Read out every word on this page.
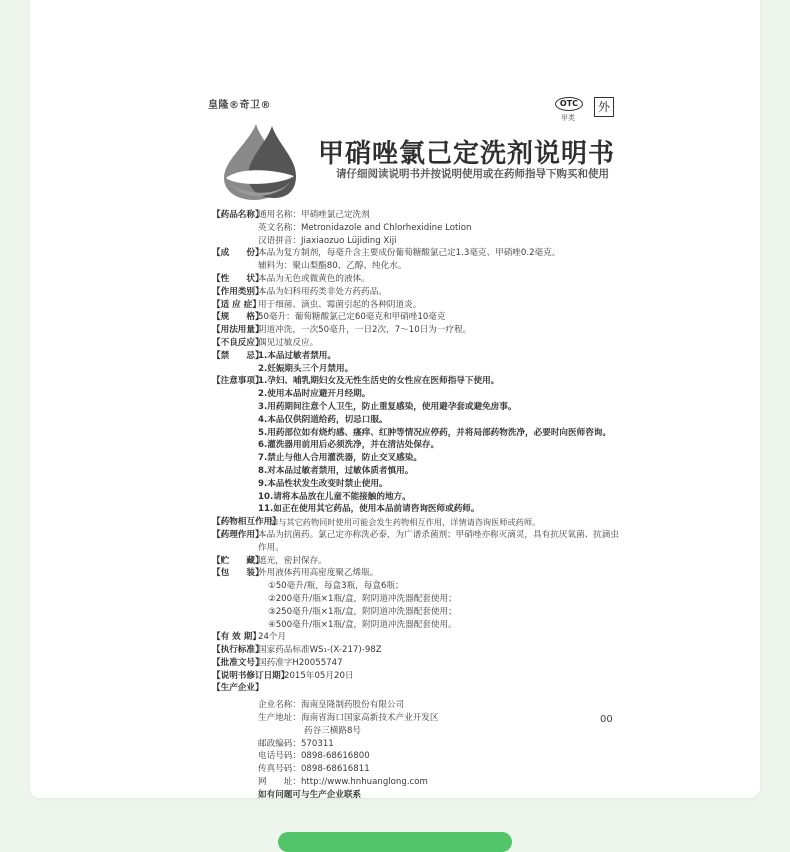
皇隆®奇卫®	OTC
甲类
外
甲硝唑氯己定洗剂说明书
请仔细阅读说明书并按说明使用或在药师指导下购买和使用
【药品名称】
通用名称：甲硝唑氯己定洗剂
英文名称：Metronidazole and Chlorhexidine Lotion
汉语拼音：Jiaxiaozuo Lüjiding Xiji
【成　　份】
本品为复方制剂，每毫升含主要成份葡萄糖酸氯己定1.3毫克、甲硝唑0.2毫克。
辅料为：聚山梨酯80、乙醇、纯化水。
【性　　状】
本品为无色或微黄色的液体。
【作用类别】
本品为妇科用药类非处方药药品。
【适 应 症】
用于细菌、滴虫、霉菌引起的各种阴道炎。
【规　　格】
50毫升：葡萄糖酸氯己定60毫克和甲硝唑10毫克
【用法用量】
阴道冲洗，一次50毫升，一日2次，7～10日为一疗程。
【不良反应】
偶见过敏反应。
【禁　　忌】
1.本品过敏者禁用。
2.妊娠期头三个月禁用。
【注意事项】
1.孕妇、哺乳期妇女及无性生活史的女性应在医师指导下使用。
2.使用本品时应避开月经期。
3.用药期间注意个人卫生，防止重复感染，使用避孕套或避免房事。
4.本品仅供阴道给药，切忌口服。
5.用药部位如有烧灼感、瘙痒、红肿等情况应停药，并将局部药物洗净，必要时向医师咨询。
6.灌洗器用前用后必须洗净，并在清洁处保存。
7.禁止与他人合用灌洗器，防止交叉感染。
8.对本品过敏者禁用，过敏体质者慎用。
9.本品性状发生改变时禁止使用。
10.请将本品放在儿童不能接触的地方。
11.如正在使用其它药品，使用本品前请咨询医师或药师。
【药物相互作用】
如与其它药物同时使用可能会发生药物相互作用，详情请咨询医师或药师。
【药理作用】
本品为抗菌药。氯己定亦称洗必泰，为广谱杀菌剂；甲硝唑亦称灭滴灵，具有抗厌氧菌、抗滴虫作用。
【贮　　藏】
遮光，密封保存。
【包　　装】
外用液体药用高密度聚乙烯瓶。
①50毫升/瓶，每盒3瓶，每盒6瓶；
②200毫升/瓶×1瓶/盒，附阴道冲洗器配套使用；
③250毫升/瓶×1瓶/盒，附阴道冲洗器配套使用；
④500毫升/瓶×1瓶/盒，附阴道冲洗器配套使用。
【有 效 期】
24个月
【执行标准】
国家药品标准WS₁-(X-217)-98Z
【批准文号】
国药准字H20055747
【说明书修订日期】
2015年05月20日
【生产企业】
企业名称：海南皇隆制药股份有限公司
生产地址：海南省海口国家高新技术产业开发区
药谷三横路8号
邮政编码：570311
电话号码：0898-68616800
传真号码：0898-68616811
网　　址：http://www.hnhuanglong.com
如有问题可与生产企业联系
00
